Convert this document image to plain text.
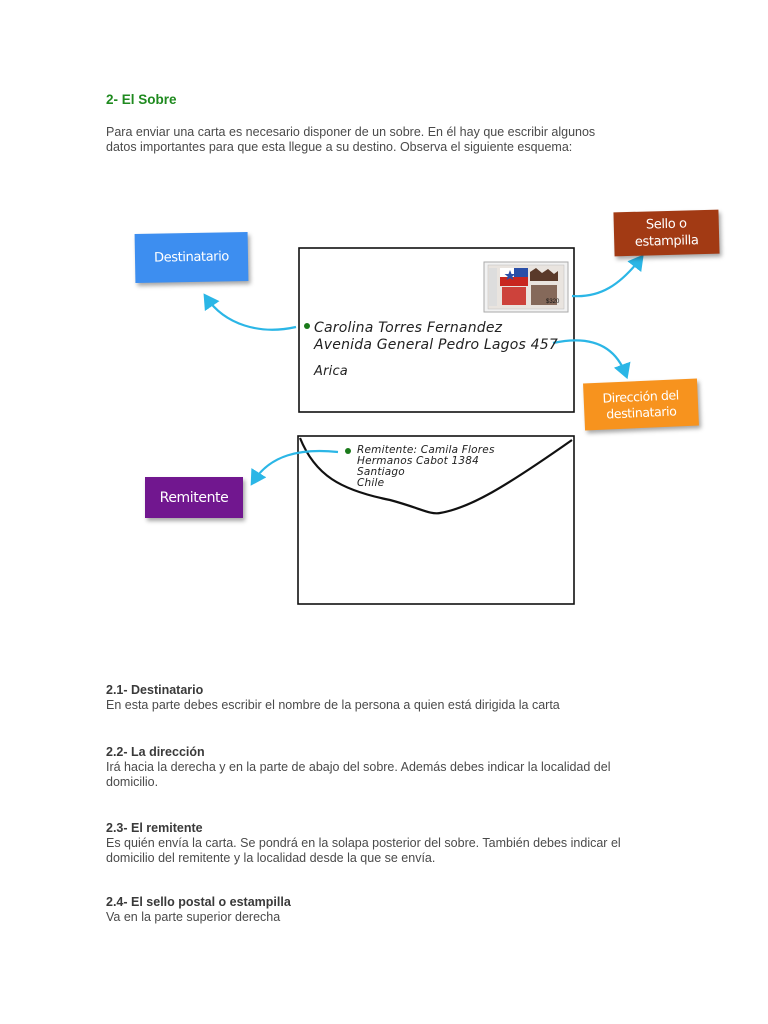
2- El Sobre
Para enviar una carta es necesario disponer de un sobre. En él hay que escribir algunos datos importantes para que esta llegue a su destino. Observa el siguiente esquema:
$320
Destinatario
Sello o estampilla
Dirección del destinatario
Remitente
Carolina Torres Fernandez
Avenida General Pedro Lagos 457
Arica
Remitente: Camila Flores
Hermanos Cabot 1384
Santiago
Chile
2.1- Destinatario
En esta parte debes escribir el nombre de la persona a quien está dirigida la carta
2.2- La dirección
Irá hacia la derecha y en la parte de abajo del sobre. Además debes indicar la localidad del domicilio.
2.3- El remitente
Es quién envía la carta. Se pondrá en la solapa posterior del sobre. También debes indicar el domicilio del remitente y la localidad desde la que se envía.
2.4- El sello postal o estampilla
Va en la parte superior derecha
